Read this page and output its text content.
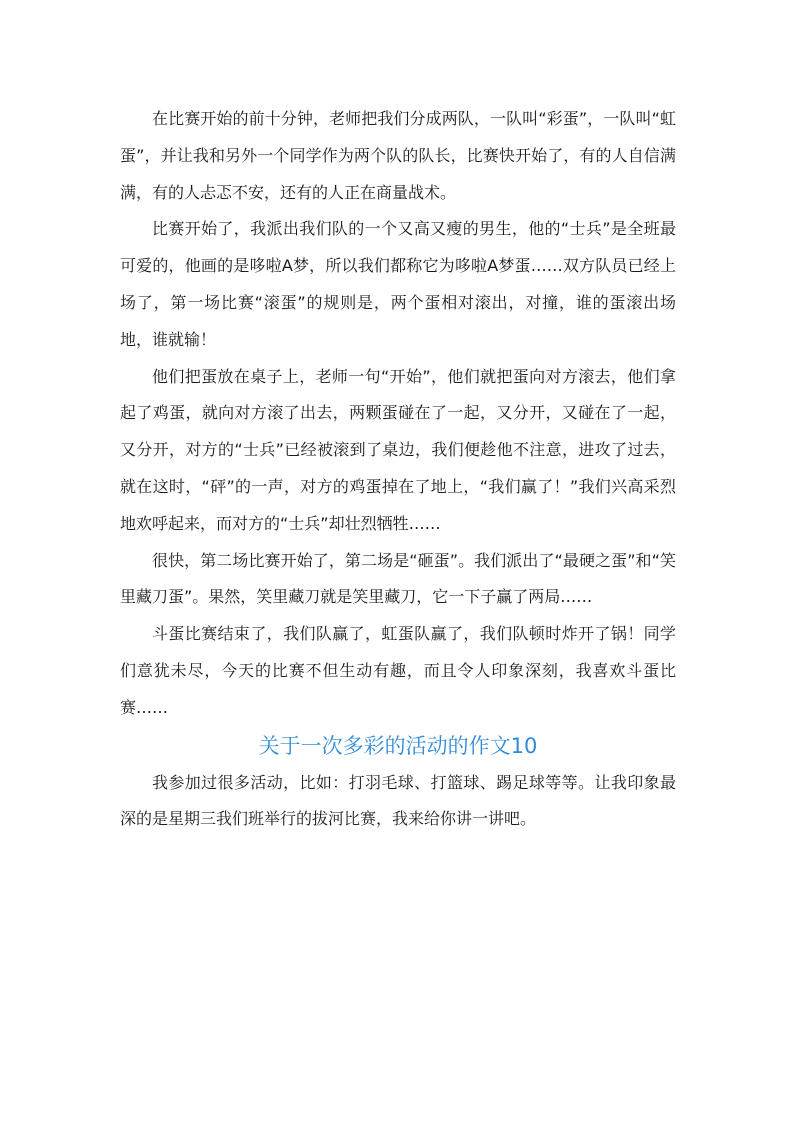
在比赛开始的前十分钟，老师把我们分成两队，一队叫“彩蛋”，一队叫“虹蛋”，并让我和另外一个同学作为两个队的队长，比赛快开始了，有的人自信满满，有的人忐忑不安，还有的人正在商量战术。

比赛开始了，我派出我们队的一个又高又瘦的男生，他的“士兵”是全班最可爱的，他画的是哆啦A梦，所以我们都称它为哆啦A梦蛋……双方队员已经上场了，第一场比赛“滚蛋”的规则是，两个蛋相对滚出，对撞，谁的蛋滚出场地，谁就输！

他们把蛋放在桌子上，老师一句“开始”，他们就把蛋向对方滚去，他们拿起了鸡蛋，就向对方滚了出去，两颗蛋碰在了一起，又分开，又碰在了一起，又分开，对方的“士兵”已经被滚到了桌边，我们便趁他不注意，进攻了过去，就在这时，“砰”的一声，对方的鸡蛋掉在了地上，“我们赢了！”我们兴高采烈地欢呼起来，而对方的“士兵”却壮烈牺牲……

很快，第二场比赛开始了，第二场是“砸蛋”。我们派出了“最硬之蛋”和“笑里藏刀蛋”。果然，笑里藏刀就是笑里藏刀，它一下子赢了两局……

斗蛋比赛结束了，我们队赢了，虹蛋队赢了，我们队顿时炸开了锅！同学们意犹未尽，今天的比赛不但生动有趣，而且令人印象深刻，我喜欢斗蛋比赛……

关于一次多彩的活动的作文10

我参加过很多活动，比如：打羽毛球、打篮球、踢足球等等。让我印象最深的是星期三我们班举行的拔河比赛，我来给你讲一讲吧。
